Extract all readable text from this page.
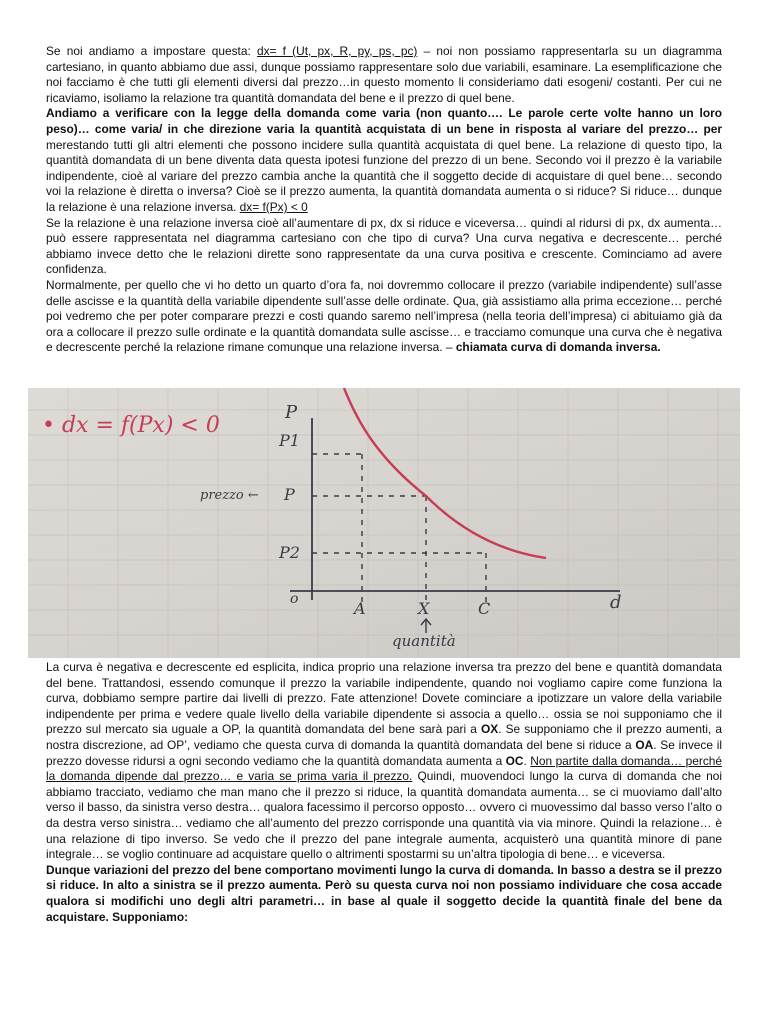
Se noi andiamo a impostare questa: dx= f (Ut, px, R, py, ps, pc) – noi non possiamo rappresentarla su un diagramma cartesiano, in quanto abbiamo due assi, dunque possiamo rappresentare solo due variabili, esaminare. La esemplificazione che noi facciamo è che tutti gli elementi diversi dal prezzo…in questo momento li consideriamo dati esogeni/ costanti. Per cui ne ricaviamo, isoliamo la relazione tra quantità domandata del bene e il prezzo di quel bene.
Andiamo a verificare con la legge della domanda come varia (non quanto…. Le parole certe volte hanno un loro peso)… come varia/ in che direzione varia la quantità acquistata di un bene in risposta al variare del prezzo… per merestando tutti gli altri elementi che possono incidere sulla quantità acquistata di quel bene. La relazione di questo tipo, la quantità domandata di un bene diventa data questa ipotesi funzione del prezzo di un bene. Secondo voi il prezzo è la variabile indipendente, cioè al variare del prezzo cambia anche la quantità che il soggetto decide di acquistare di quel bene… secondo voi la relazione è diretta o inversa? Cioè se il prezzo aumenta, la quantità domandata aumenta o si riduce? Si riduce… dunque la relazione è una relazione inversa. dx= f(Px) < 0
Se la relazione è una relazione inversa cioè all’aumentare di px, dx si riduce e viceversa… quindi al ridursi di px, dx aumenta… può essere rappresentata nel diagramma cartesiano con che tipo di curva? Una curva negativa e decrescente… perché abbiamo invece detto che le relazioni dirette sono rappresentate da una curva positiva e crescente. Cominciamo ad avere confidenza.
Normalmente, per quello che vi ho detto un quarto d’ora fa, noi dovremmo collocare il prezzo (variabile indipendente) sull’asse delle ascisse e la quantità della variabile dipendente sull’asse delle ordinate. Qua, già assistiamo alla prima eccezione… perché poi vedremo che per poter comparare prezzi e costi quando saremo nell’impresa (nella teoria dell’impresa) ci abituiamo già da ora a collocare il prezzo sulle ordinate e la quantità domandata sulle ascisse… e tracciamo comunque una curva che è negativa e decrescente perché la relazione rimane comunque una relazione inversa. – chiamata curva di domanda inversa.

• dx = f(Px) < 0
P
P1
P
P2
prezzo ←
o	A	X	C	d
quantità

La curva è negativa e decrescente ed esplicita, indica proprio una relazione inversa tra prezzo del bene e quantità domandata del bene. Trattandosi, essendo comunque il prezzo la variabile indipendente, quando noi vogliamo capire come funziona la curva, dobbiamo sempre partire dai livelli di prezzo. Fate attenzione! Dovete cominciare a ipotizzare un valore della variabile indipendente per prima e vedere quale livello della variabile dipendente si associa a quello… ossia se noi supponiamo che il prezzo sul mercato sia uguale a OP, la quantità domandata del bene sarà pari a OX. Se supponiamo che il prezzo aumenti, a nostra discrezione, ad OP’, vediamo che questa curva di domanda la quantità domandata del bene si riduce a OA. Se invece il prezzo dovesse ridursi a ogni secondo vediamo che la quantità domandata aumenta a OC. Non partite dalla domanda… perché la domanda dipende dal prezzo… e varia se prima varia il prezzo. Quindi, muovendoci lungo la curva di domanda che noi abbiamo tracciato, vediamo che man mano che il prezzo si riduce, la quantità domandata aumenta… se ci muoviamo dall’alto verso il basso, da sinistra verso destra… qualora facessimo il percorso opposto… ovvero ci muovessimo dal basso verso l’alto o da destra verso sinistra… vediamo che all’aumento del prezzo corrisponde una quantità via via minore. Quindi la relazione… è una relazione di tipo inverso. Se vedo che il prezzo del pane integrale aumenta, acquisterò una quantità minore di pane integrale… se voglio continuare ad acquistare quello o altrimenti spostarmi su un’altra tipologia di bene… e viceversa.
Dunque variazioni del prezzo del bene comportano movimenti lungo la curva di domanda. In basso a destra se il prezzo si riduce. In alto a sinistra se il prezzo aumenta. Però su questa curva noi non possiamo individuare che cosa accade qualora si modifichi uno degli altri parametri… in base al quale il soggetto decide la quantità finale del bene da acquistare. Supponiamo:
